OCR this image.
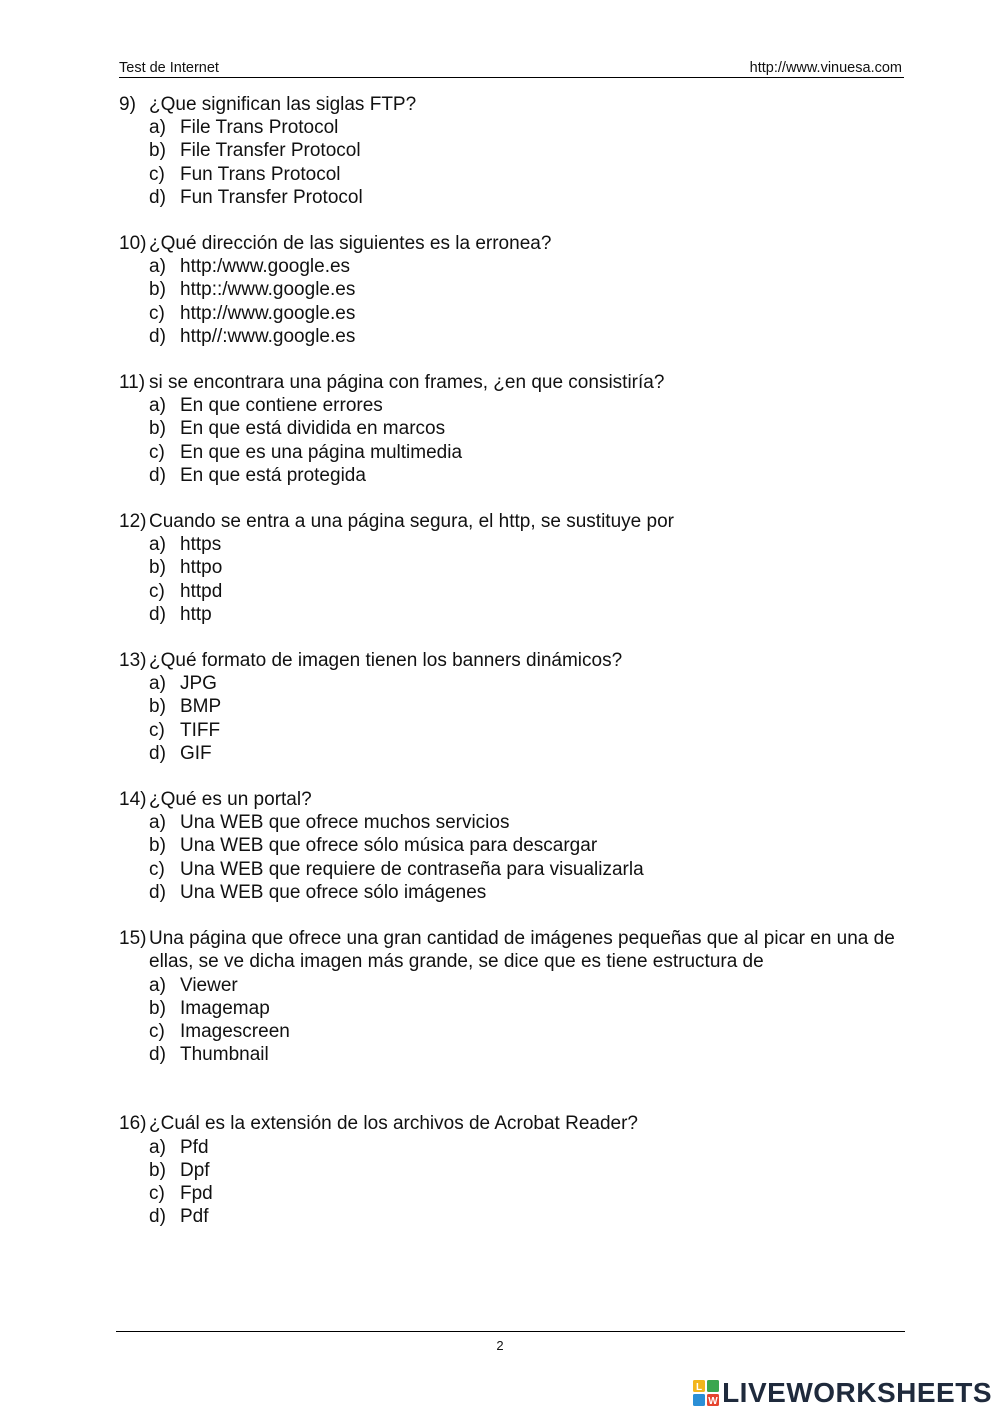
Test de Internet	http://www.vinuesa.com
9) ¿Que significan las siglas FTP?
a) File Trans Protocol
b) File Transfer Protocol
c) Fun Trans Protocol
d) Fun Transfer Protocol
10) ¿Qué dirección de las siguientes es la erronea?
a) http:/www.google.es
b) http::/www.google.es
c) http://www.google.es
d) http//:www.google.es
11) si se encontrara una página con frames, ¿en que consistiría?
a) En que contiene errores
b) En que está dividida en marcos
c) En que es una página multimedia
d) En que está protegida
12) Cuando se entra a una página segura, el http, se sustituye por
a) https
b) httpo
c) httpd
d) http
13) ¿Qué formato de imagen tienen los banners dinámicos?
a) JPG
b) BMP
c) TIFF
d) GIF
14) ¿Qué es un portal?
a) Una WEB que ofrece muchos servicios
b) Una WEB que ofrece sólo música para descargar
c) Una WEB que requiere de contraseña para visualizarla
d) Una WEB que ofrece sólo imágenes
15) Una página que ofrece una gran cantidad de imágenes pequeñas que al picar en una de ellas, se ve dicha imagen más grande, se dice que es tiene estructura de
a) Viewer
b) Imagemap
c) Imagescreen
d) Thumbnail
16) ¿Cuál es la extensión de los archivos de Acrobat Reader?
a) Pfd
b) Dpf
c) Fpd
d) Pdf
2
L
W LIVEWORKSHEETS
